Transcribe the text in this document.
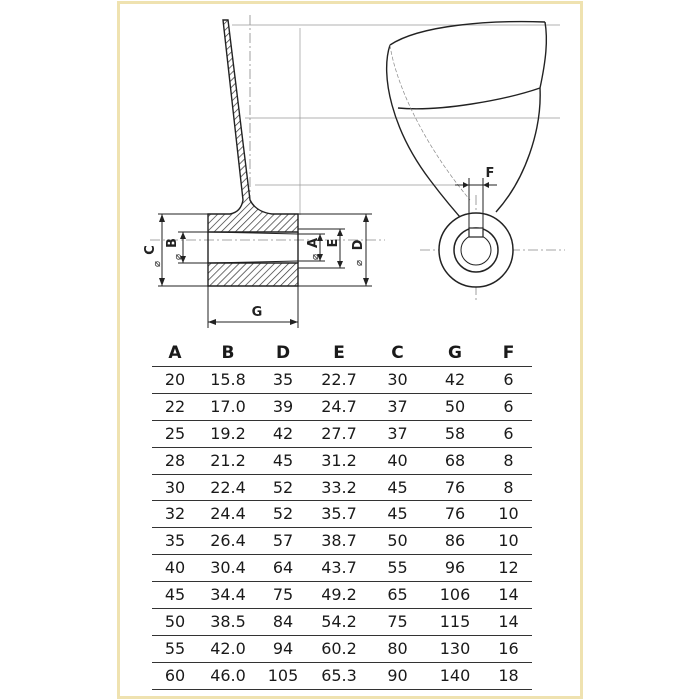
C
⌀
B
⌀
A
⌀
E D
⌀
G
F
A	B	D	E	C	G	F
20	15.8	35	22.7	30	42	6
22	17.0	39	24.7	37	50	6
25	19.2	42	27.7	37	58	6
28	21.2	45	31.2	40	68	8
30	22.4	52	33.2	45	76	8
32	24.4	52	35.7	45	76	10
35	26.4	57	38.7	50	86	10
40	30.4	64	43.7	55	96	12
45	34.4	75	49.2	65	106	14
50	38.5	84	54.2	75	115	14
55	42.0	94	60.2	80	130	16
60	46.0	105	65.3	90	140	18
